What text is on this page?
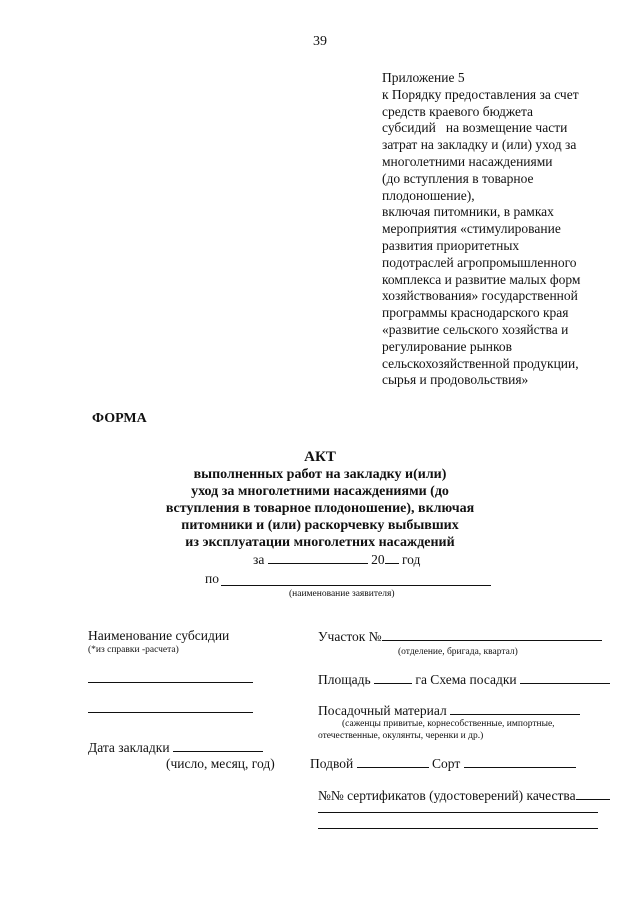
39
Приложение 5
к Порядку предоставления за счет
средств краевого бюджета
субсидий   на возмещение части
затрат на закладку и (или) уход за
многолетними насаждениями
(до вступления в товарное
плодоношение),
включая питомники, в рамках
мероприятия «стимулирование
развития приоритетных
подотраслей агропромышленного
комплекса и развитие малых форм
хозяйствования» государственной
программы краснодарского края
«развитие сельского хозяйства и
регулирование рынков
сельскохозяйственной продукции,
сырья и продовольствия»
ФОРМА
АКТ
выполненных работ на закладку и(или)
уход за многолетними насаждениями (до
вступления в товарное плодоношение), включая
питомники и (или) раскорчевку выбывших
из эксплуатации многолетних насаждений
за	20 год
по
(наименование заявителя)
Наименование субсидии
(*из справки -расчета)
Дата закладки
(число, месяц, год)
Участок №
(отделение, бригада, квартал)
Площадь	га Схема посадки
Посадочный материал
(саженцы привитые, корнесобственные, импортные,
отечественные, окулянты, черенки и др.)
Подвой	Сорт
№№ сертификатов (удостоверений) качества
